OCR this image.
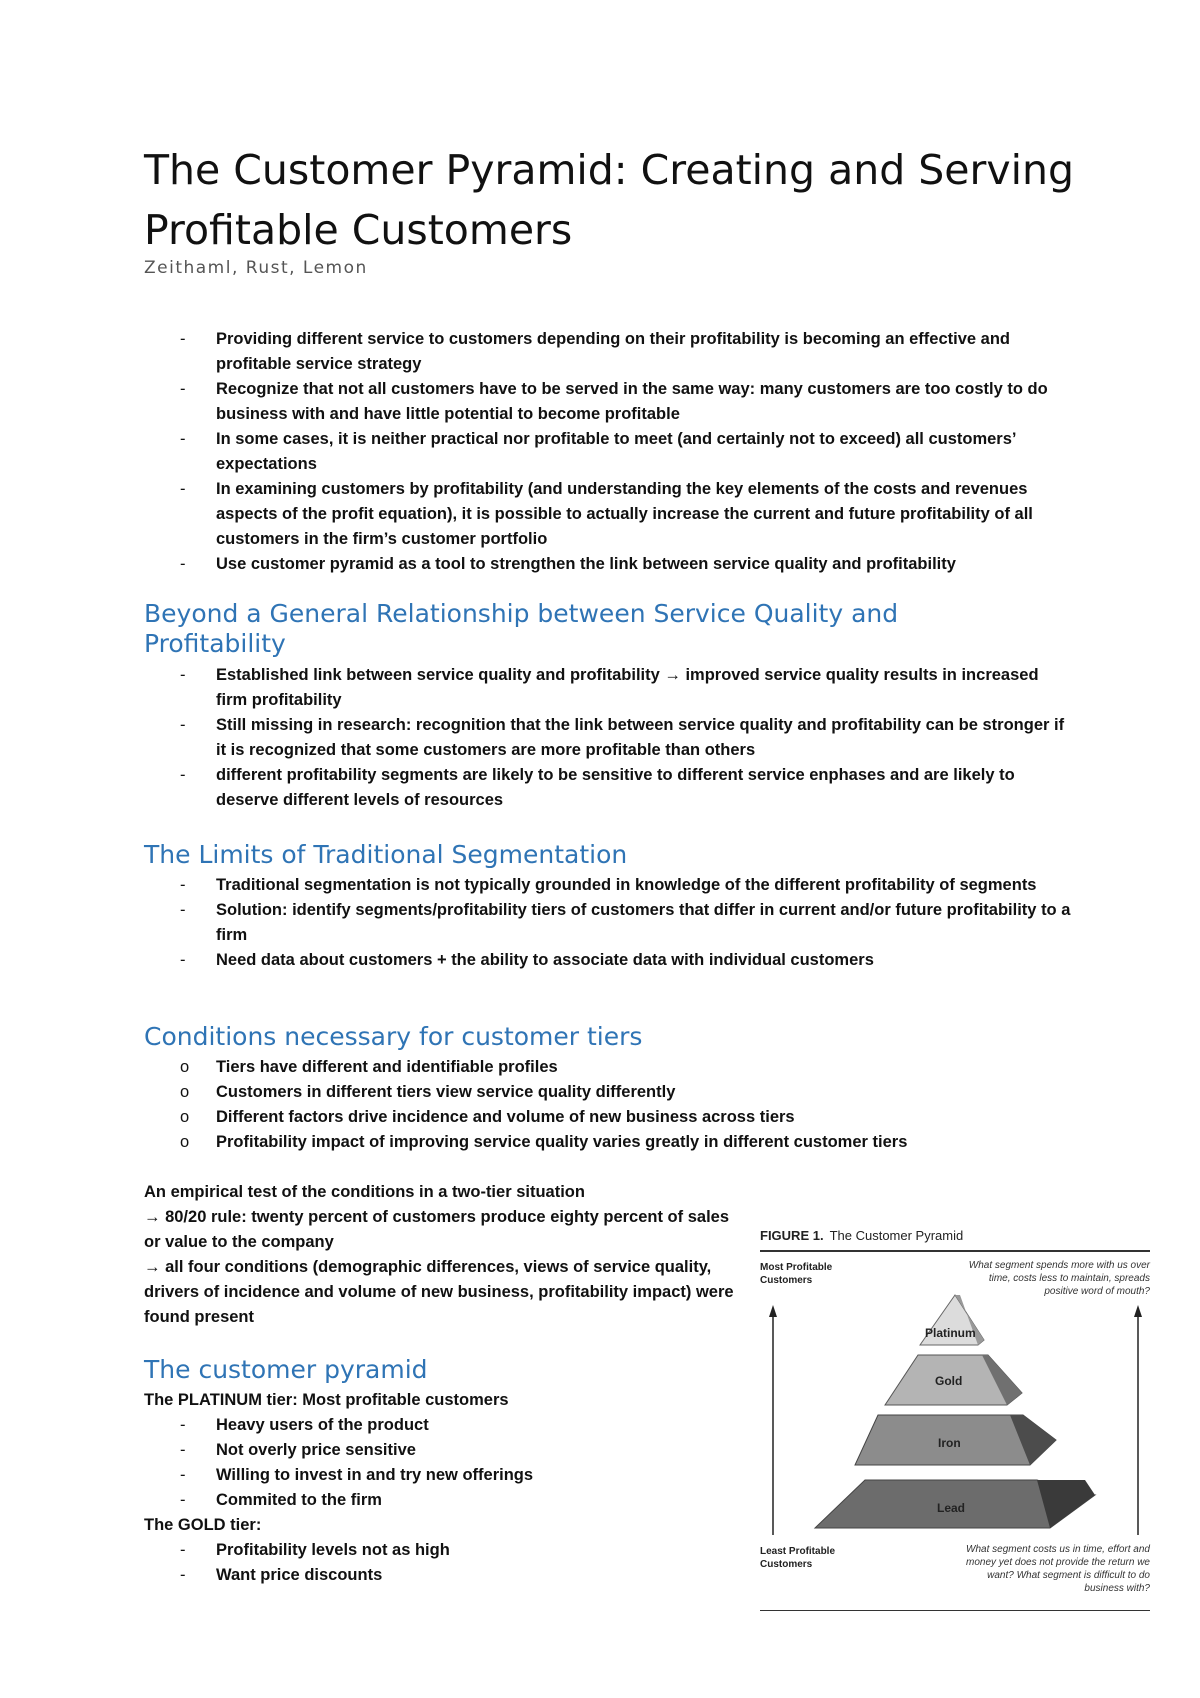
The Customer Pyramid: Creating and Serving Profitable Customers

Zeithaml, Rust, Lemon

-	Providing different service to customers depending on their profitability is becoming an effective and profitable service strategy
-	Recognize that not all customers have to be served in the same way: many customers are too costly to do business with and have little potential to become profitable
-	In some cases, it is neither practical nor profitable to meet (and certainly not to exceed) all customers’ expectations
-	In examining customers by profitability (and understanding the key elements of the costs and revenues aspects of the profit equation), it is possible to actually increase the current and future profitability of all customers in the firm’s customer portfolio
-	Use customer pyramid as a tool to strengthen the link between service quality and profitability
Beyond a General Relationship between Service Quality and Profitability
-	Established link between service quality and profitability → improved service quality results in increased firm profitability
-	Still missing in research: recognition that the link between service quality and profitability can be stronger if it is recognized that some customers are more profitable than others
-	different profitability segments are likely to be sensitive to different service enphases and are likely to deserve different levels of resources
The Limits of Traditional Segmentation
-	Traditional segmentation is not typically grounded in knowledge of the different profitability of segments
-	Solution: identify segments/profitability tiers of customers that differ in current and/or future profitability to a firm
-	Need data about customers + the ability to associate data with individual customers
Conditions necessary for customer tiers
o	Tiers have different and identifiable profiles
o	Customers in different tiers view service quality differently
o	Different factors drive incidence and volume of new business across tiers
o	Profitability impact of improving service quality varies greatly in different customer tiers

An empirical test of the conditions in a two-tier situation

→ 80/20 rule: twenty percent of customers produce eighty percent of sales or value to the company

→ all four conditions (demographic differences, views of service quality, drivers of incidence and volume of new business, profitability impact) were found present

The customer pyramid

The PLATINUM tier: Most profitable customers

-	Heavy users of the product
-	Not overly price sensitive
-	Willing to invest in and try new offerings
-	Commited to the firm

The GOLD tier:

-	Profitability levels not as high
-	Want price discounts
FIGURE 1. The Customer Pyramid
Most Profitable Customers
What segment spends more with us over time, costs less to maintain, spreads positive word of mouth?
Platinum
Gold
Iron
Lead
Least Profitable Customers
What segment costs us in time, effort and money yet does not provide the return we want? What segment is difficult to do business with?
